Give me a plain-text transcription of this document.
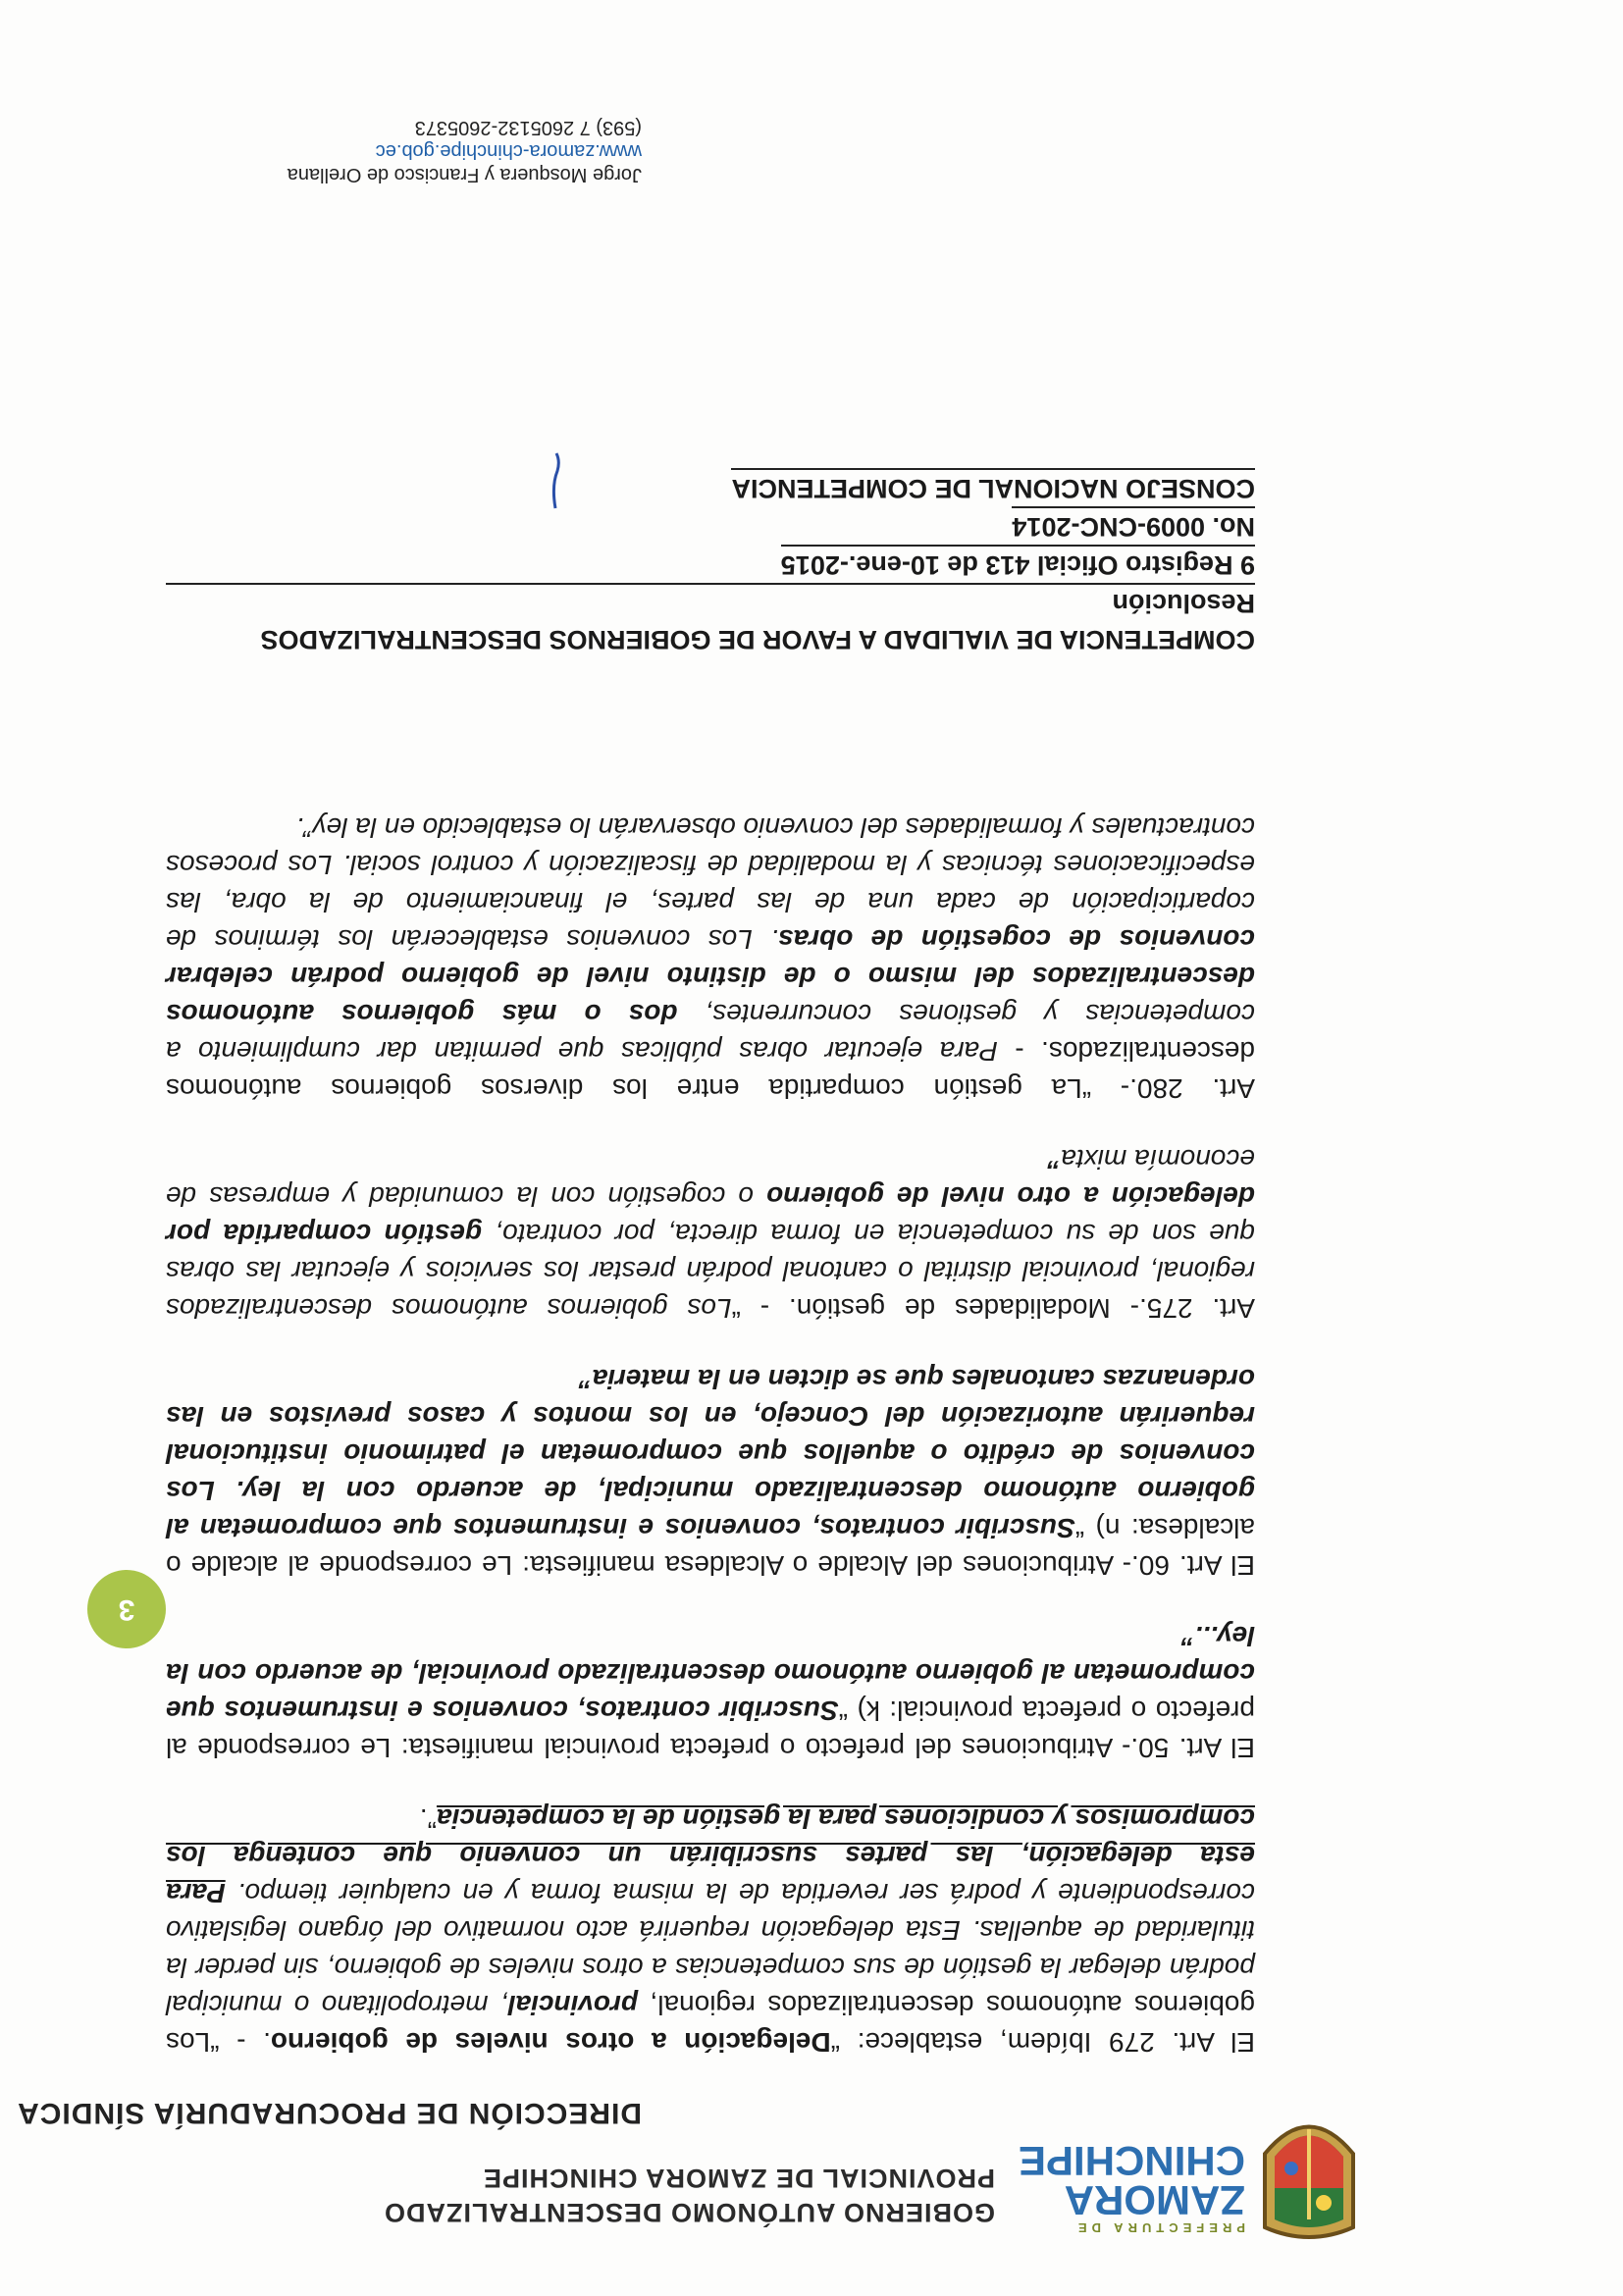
PREFECTURA DE
ZAMORA
CHINCHIPE
GOBIERNO AUTÓNOMO DESCENTRALIZADO
PROVINCIAL DE ZAMORA CHINCHIPE
DIRECCIÓN DE PROCURADURÍA SÍNDICA
3

El Art. 279 Ibídem, establece: “Delegación a otros niveles de gobierno. - “Los gobiernos autónomos descentralizados regional, provincial, metropolitano o municipal podrán delegar la gestión de sus competencias a otros niveles de gobierno, sin perder la titularidad de aquellas. Esta delegación requerirá acto normativo del órgano legislativo correspondiente y podrá ser revertida de la misma forma y en cualquier tiempo. Para esta delegación, las partes suscribirán un convenio que contenga los compromisos y condiciones para la gestión de la competencia”.

El Art. 50.- Atribuciones del prefecto o prefecta provincial manifiesta: Le corresponde al prefecto o prefecta provincial: k) “Suscribir contratos, convenios e instrumentos que comprometan al gobierno autónomo descentralizado provincial, de acuerdo con la ley...”

El Art. 60.- Atribuciones del Alcalde o Alcaldesa manifiesta: Le corresponde al alcalde o alcaldesa: n) “Suscribir contratos, convenios e instrumentos que comprometan al gobierno autónomo descentralizado municipal, de acuerdo con la ley. Los convenios de crédito o aquellos que comprometan el patrimonio institucional requerirán autorización del Concejo, en los montos y casos previstos en las ordenanzas cantonales que se dicten en la materia”

Art. 275.- Modalidades de gestión. - “Los gobiernos autónomos descentralizados regional, provincial distrital o cantonal podrán prestar los servicios y ejecutar las obras que son de su competencia en forma directa, por contrato, gestión compartida por delegación a otro nivel de gobierno o cogestión con la comunidad y empresas de economía mixta”

Art. 280.- “La gestión compartida entre los diversos gobiernos autónomos descentralizados. - Para ejecutar obras públicas que permitan dar cumplimiento a competencias y gestiones concurrentes, dos o más gobiernos autónomos descentralizados del mismo o de distinto nivel de gobierno podrán celebrar convenios de cogestión de obras. Los convenios establecerán los términos de coparticipación de cada una de las partes, el financiamiento de la obra, las especificaciones técnicas y la modalidad de fiscalización y control social. Los procesos contractuales y formalidades del convenio observarán lo establecido en la ley”.

COMPETENCIA DE VIALIDAD A FAVOR DE GOBIERNOS DESCENTRALIZADOS Resolución
9 Registro Oficial 413 de 10-ene.-2015
No. 0009-CNC-2014
CONSEJO NACIONAL DE COMPETENCIA
Jorge Mosquera y Francisco de Orellana
www.zamora-chinchipe.gob.ec
(593) 7 2605132-2605373
